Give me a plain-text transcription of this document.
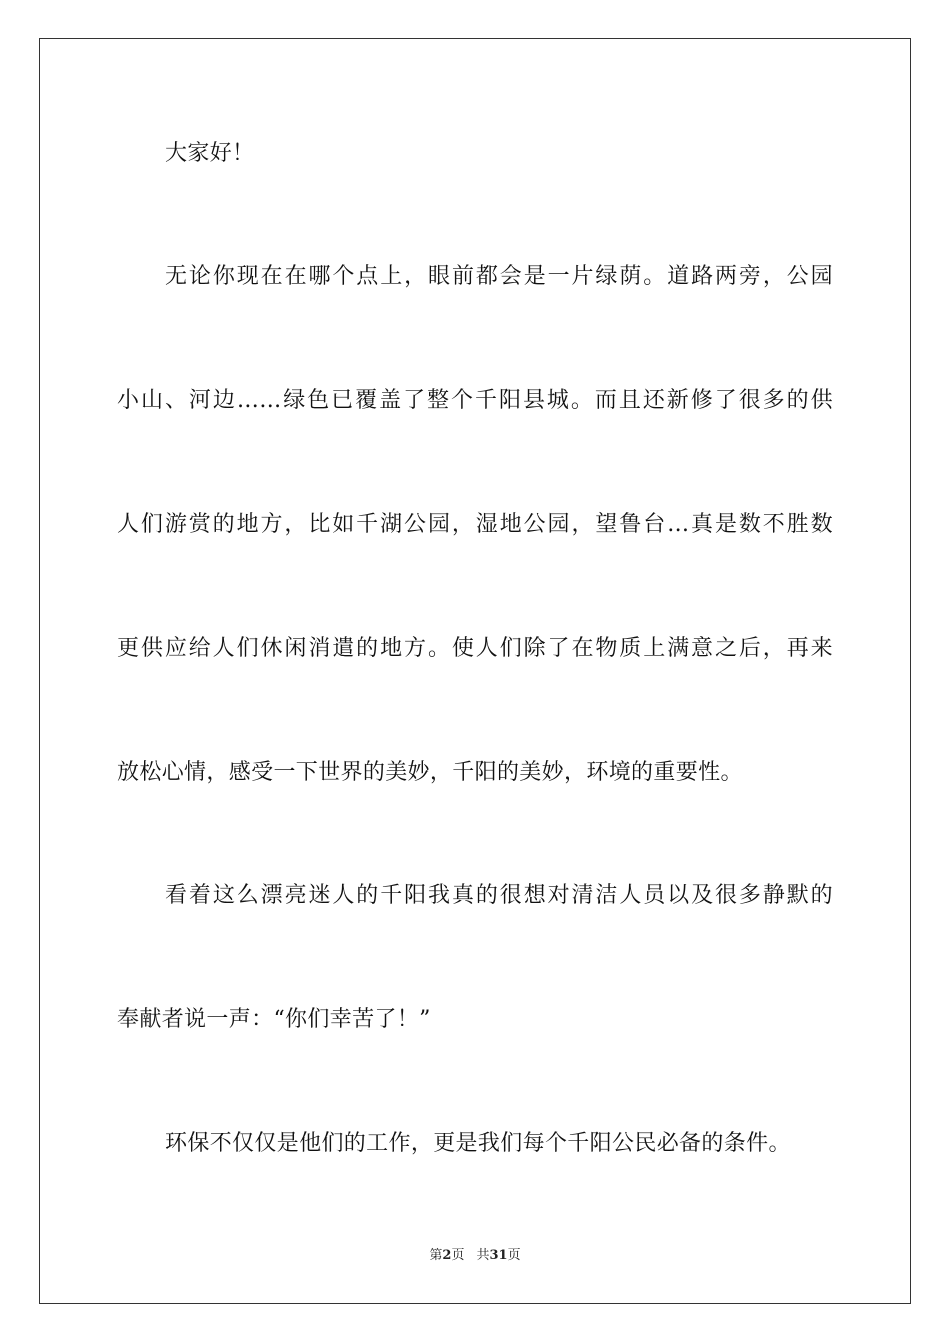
大家好！
无论你现在在哪个点上，眼前都会是一片绿荫。道路两旁，公园
小山、河边……绿色已覆盖了整个千阳县城。而且还新修了很多的供
人们游赏的地方，比如千湖公园，湿地公园，望鲁台…真是数不胜数
更供应给人们休闲消遣的地方。使人们除了在物质上满意之后，再来
放松心情，感受一下世界的美妙，千阳的美妙，环境的重要性。
看着这么漂亮迷人的千阳我真的很想对清洁人员以及很多静默的
奉献者说一声：“你们幸苦了！”
环保不仅仅是他们的工作，更是我们每个千阳公民必备的条件。
第2页 共31页
